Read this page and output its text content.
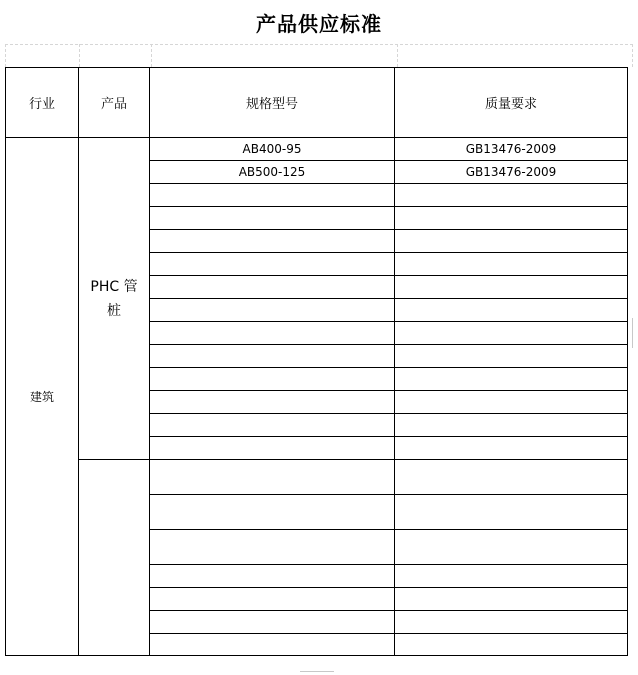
产品供应标准
行业	产品	规格型号	质量要求
建筑	PHC 管桩	AB400-95	GB13476-2009
		AB500-125	GB13476-2009
